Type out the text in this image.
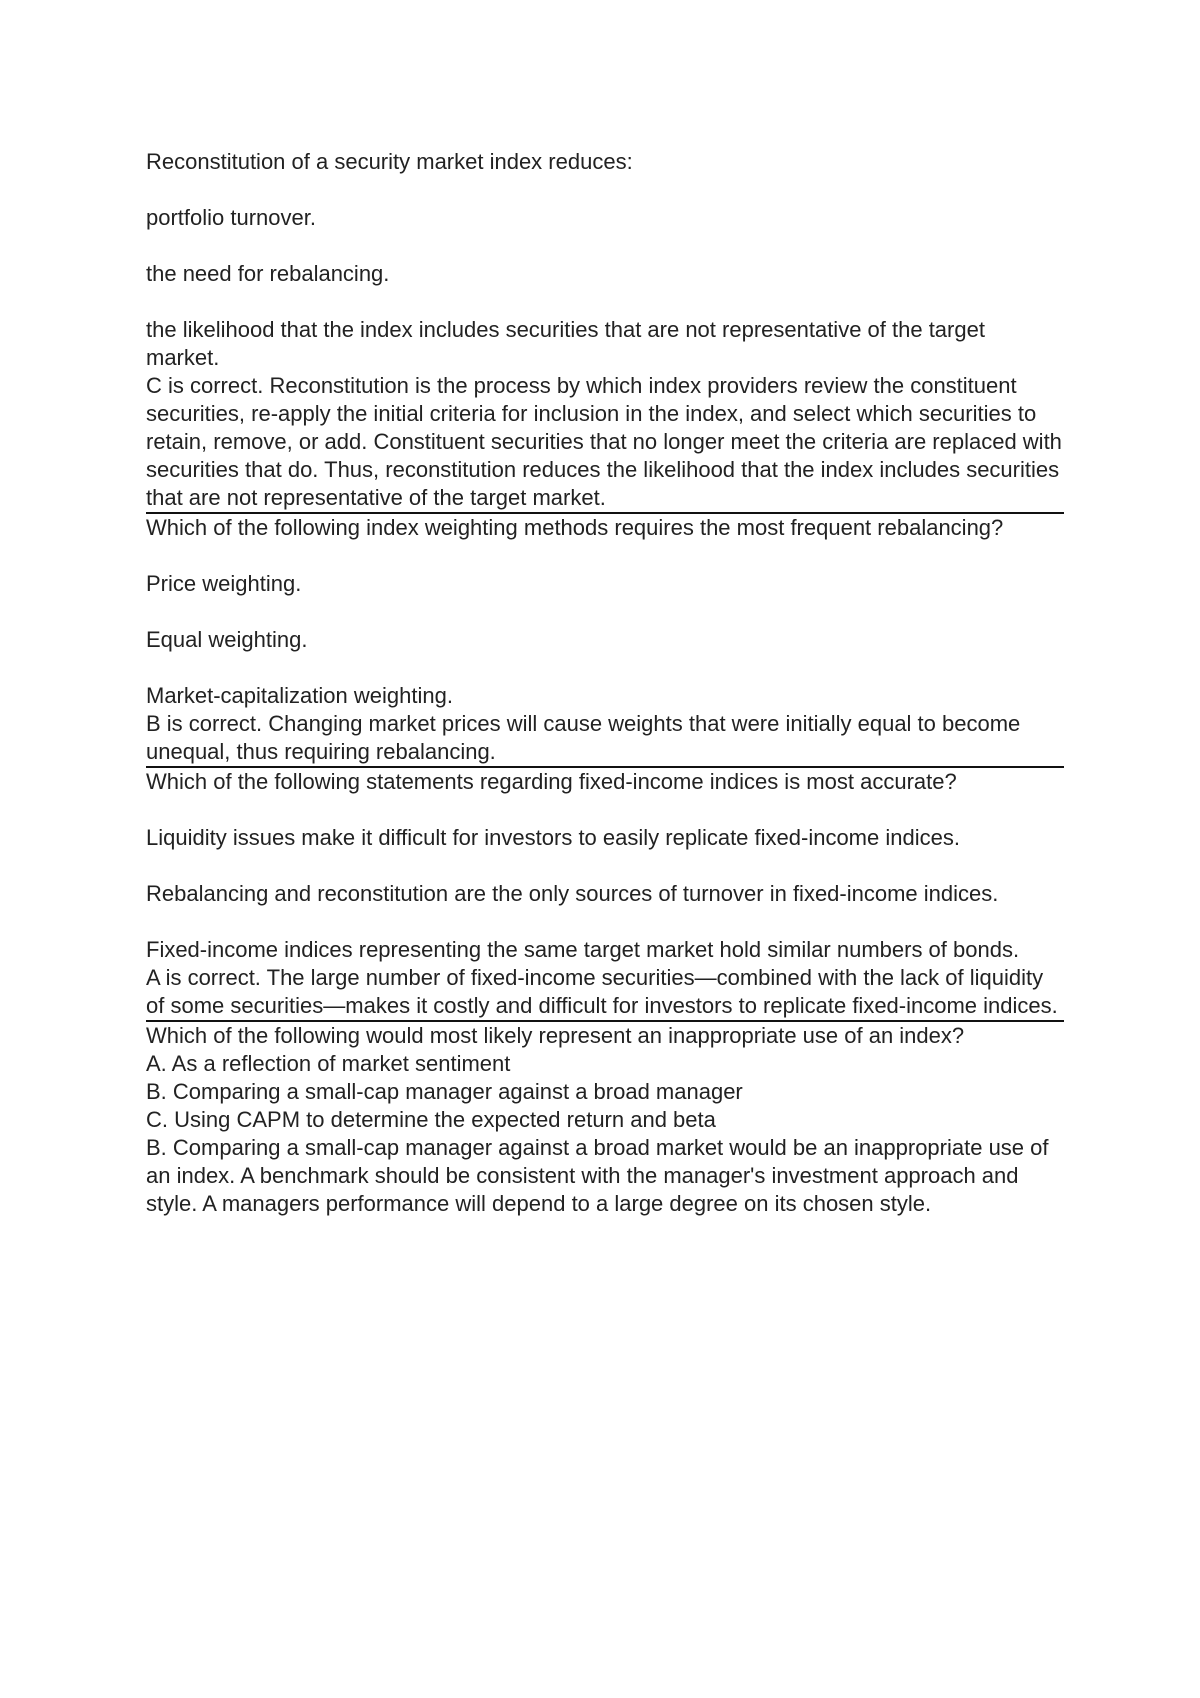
Reconstitution of a security market index reduces:

portfolio turnover.

the need for rebalancing.

the likelihood that the index includes securities that are not representative of the target market.

C is correct. Reconstitution is the process by which index providers review the constituent securities, re-apply the initial criteria for inclusion in the index, and select which securities to retain, remove, or add. Constituent securities that no longer meet the criteria are replaced with securities that do. Thus, reconstitution reduces the likelihood that the index includes securities that are not representative of the target market.

Which of the following index weighting methods requires the most frequent rebalancing?

Price weighting.

Equal weighting.

Market-capitalization weighting.

B is correct. Changing market prices will cause weights that were initially equal to become unequal, thus requiring rebalancing.

Which of the following statements regarding fixed-income indices is most accurate?

Liquidity issues make it difficult for investors to easily replicate fixed-income indices.

Rebalancing and reconstitution are the only sources of turnover in fixed-income indices.

Fixed-income indices representing the same target market hold similar numbers of bonds.

A is correct. The large number of fixed-income securities—combined with the lack of liquidity of some securities—makes it costly and difficult for investors to replicate fixed-income indices.

Which of the following would most likely represent an inappropriate use of an index?

A. As a reflection of market sentiment

B. Comparing a small-cap manager against a broad manager

C. Using CAPM to determine the expected return and beta

B. Comparing a small-cap manager against a broad market would be an inappropriate use of an index. A benchmark should be consistent with the manager's investment approach and style. A managers performance will depend to a large degree on its chosen style.
